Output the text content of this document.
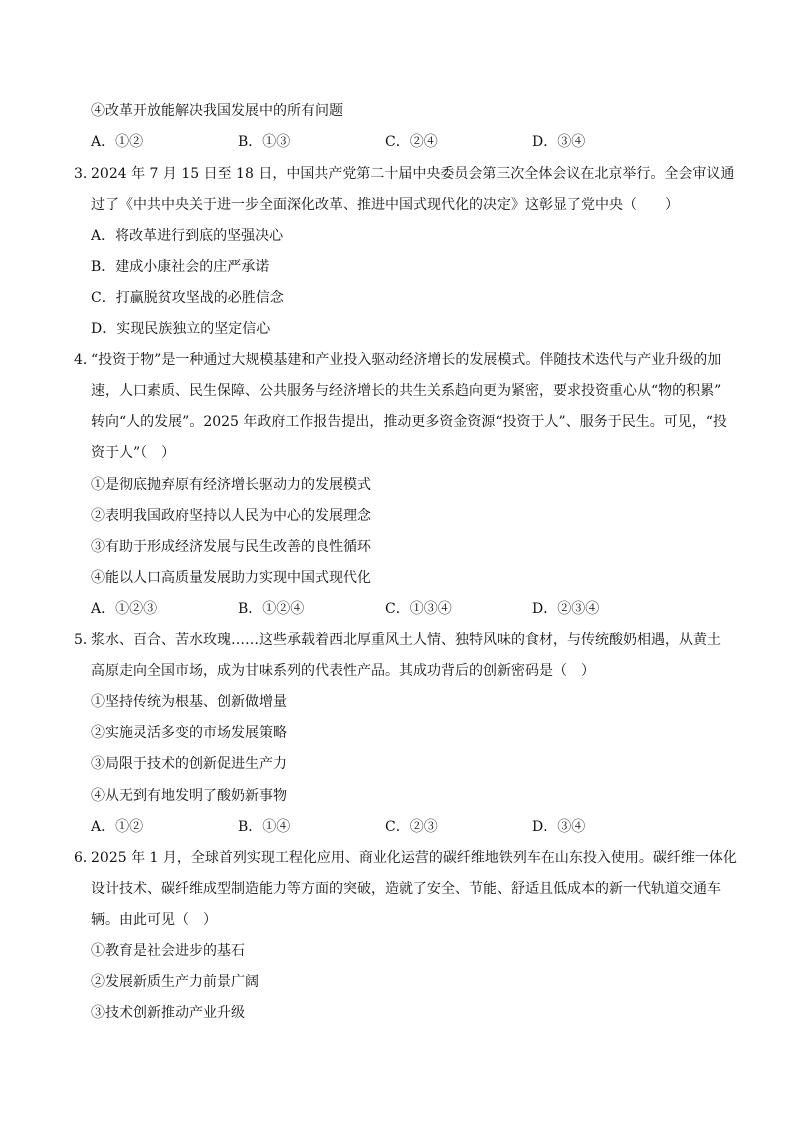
④改革开放能解决我国发展中的所有问题
A．①②	B．①③	C．②④	D．③④
3．2024 年 7 月 15 日至 18 日，中国共产党第二十届中央委员会第三次全体会议在北京举行。全会审议通
过了《中共中央关于进一步全面深化改革、推进中国式现代化的决定》这彰显了党中央（　　）
A．将改革进行到底的坚强决心
B．建成小康社会的庄严承诺
C．打赢脱贫攻坚战的必胜信念
D．实现民族独立的坚定信心
4．“投资于物”是一种通过大规模基建和产业投入驱动经济增长的发展模式。伴随技术迭代与产业升级的加
速，人口素质、民生保障、公共服务与经济增长的共生关系趋向更为紧密，要求投资重心从“物的积累”
转向“人的发展”。2025 年政府工作报告提出，推动更多资金资源“投资于人”、服务于民生。可见，“投
资于人”（　）
①是彻底抛弃原有经济增长驱动力的发展模式
②表明我国政府坚持以人民为中心的发展理念
③有助于形成经济发展与民生改善的良性循环
④能以人口高质量发展助力实现中国式现代化
A．①②③	B．①②④	C．①③④	D．②③④
5．浆水、百合、苦水玫瑰……这些承载着西北厚重风土人情、独特风味的食材，与传统酸奶相遇，从黄土
高原走向全国市场，成为甘味系列的代表性产品。其成功背后的创新密码是（　）
①坚持传统为根基、创新做增量
②实施灵活多变的市场发展策略
③局限于技术的创新促进生产力
④从无到有地发明了酸奶新事物
A．①②	B．①④	C．②③	D．③④
6．2025 年 1 月，全球首列实现工程化应用、商业化运营的碳纤维地铁列车在山东投入使用。碳纤维一体化
设计技术、碳纤维成型制造能力等方面的突破，造就了安全、节能、舒适且低成本的新一代轨道交通车
辆。由此可见（　）
①教育是社会进步的基石
②发展新质生产力前景广阔
③技术创新推动产业升级
